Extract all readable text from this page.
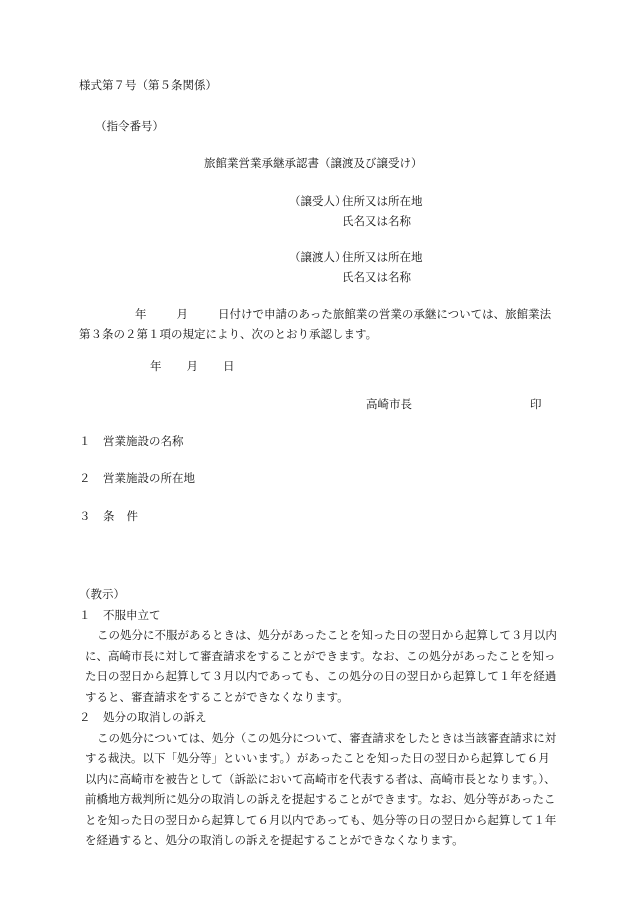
様式第７号（第５条関係）
（指令番号）
旅館業営業承継承認書（譲渡及び譲受け）
（譲受人）
住所又は所在地
氏名又は名称
（譲渡人）
住所又は所在地
氏名又は名称
年	月	日付けで申請のあった旅館業の営業の承継については、旅館業法第３条の２第１項の規定により、次のとおり承認します。
年 月 日
高崎市長	印
１ 営業施設の名称
２ 営業施設の所在地
３ 条 件
（教示）
１ 不服申立て
この処分に不服があるときは、処分があったことを知った日の翌日から起算して３月以内に、高崎市長に対して審査請求をすることができます。なお、この処分があったことを知った日の翌日から起算して３月以内であっても、この処分の日の翌日から起算して１年を経過すると、審査請求をすることができなくなります。
２ 処分の取消しの訴え
この処分については、処分（この処分について、審査請求をしたときは当該審査請求に対する裁決。以下「処分等」といいます。）があったことを知った日の翌日から起算して６月以内に高崎市を被告として（訴訟において高崎市を代表する者は、高崎市長となります。）、前橋地方裁判所に処分の取消しの訴えを提起することができます。なお、処分等があったことを知った日の翌日から起算して６月以内であっても、処分等の日の翌日から起算して１年を経過すると、処分の取消しの訴えを提起することができなくなります。
